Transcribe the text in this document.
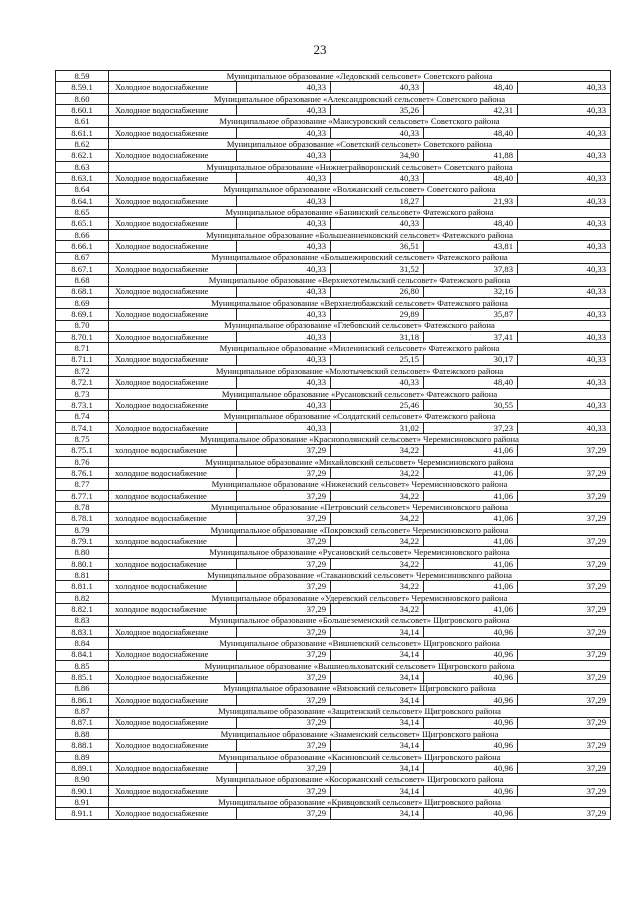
23
8.59	Муниципальное образование «Ледовский сельсовет» Советского района				
8.59.1	Холодное водоснабжение	40,33	40,33	48,40	40,33
8.60	Муниципальное образование «Александровский сельсовет» Советского района				
8.60.1	Холодное водоснабжение	40,33	35,26	42,31	40,33
8.61	Муниципальное образование «Мансуровский сельсовет» Советского района				
8.61.1	Холодное водоснабжение	40,33	40,33	48,40	40,33
8.62	Муниципальное образование «Советский сельсовет» Советского района				
8.62.1	Холодное водоснабжение	40,33	34,90	41,88	40,33
8.63	Муниципальное образование «Нижнеграйворонский сельсовет» Советского района				
8.63.1	Холодное водоснабжение	40,33	40,33	48,40	40,33
8.64	Муниципальное образование «Волжанский сельсовет» Советского района				
8.64.1	Холодное водоснабжение	40,33	18,27	21,93	40,33
8.65	Муниципальное образование «Банинский сельсовет» Фатежского района				
8.65.1	Холодное водоснабжение	40,33	40,33	48,40	40,33
8.66	Муниципальное образование «Большеанненковский сельсовет» Фатежского района				
8.66.1	Холодное водоснабжение	40,33	36,51	43,81	40,33
8.67	Муниципальное образование «Большежировский сельсовет» Фатежского района				
8.67.1	Холодное водоснабжение	40,33	31,52	37,83	40,33
8.68	Муниципальное образование «Верхнехотемльский сельсовет» Фатежского района				
8.68.1	Холодное водоснабжение	40,33	26,80	32,16	40,33
8.69	Муниципальное образование «Верхнелюбажский сельсовет» Фатежского района				
8.69.1	Холодное водоснабжение	40,33	29,89	35,87	40,33
8.70	Муниципальное образование «Глебовский сельсовет» Фатежского района				
8.70.1	Холодное водоснабжение	40,33	31,18	37,41	40,33
8.71	Муниципальное образование «Миленинский сельсовет» Фатежского района				
8.71.1	Холодное водоснабжение	40,33	25,15	30,17	40,33
8.72	Муниципальное образование «Молотычевский сельсовет» Фатежского района				
8.72.1	Холодное водоснабжение	40,33	40,33	48,40	40,33
8.73	Муниципальное образование «Русановский сельсовет» Фатежского района				
8.73.1	Холодное водоснабжение	40,33	25,46	30,55	40,33
8.74	Муниципальное образование «Солдатский сельсовет» Фатежского района				
8.74.1	Холодное водоснабжение	40,33	31,02	37,23	40,33
8.75	Муниципальное образование «Краснополянский сельсовет» Черемисиновского района				
8.75.1	холодное водоснабжение	37,29	34,22	41,06	37,29
8.76	Муниципальное образование «Михайловский сельсовет» Черемисиновского района				
8.76.1	холодное водоснабжение	37,29	34,22	41,06	37,29
8.77	Муниципальное образование «Ниженский сельсовет» Черемисиновского района				
8.77.1	холодное водоснабжение	37,29	34,22	41,06	37,29
8.78	Муниципальное образование «Петровский сельсовет» Черемисиновского района				
8.78.1	холодное водоснабжение	37,29	34,22	41,06	37,29
8.79	Муниципальное образование «Покровский сельсовет» Черемисиновского района				
8.79.1	холодное водоснабжение	37,29	34,22	41,06	37,29
8.80	Муниципальное образование «Русановский сельсовет» Черемисиновского района				
8.80.1	холодное водоснабжение	37,29	34,22	41,06	37,29
8.81	Муниципальное образование «Стакановский сельсовет» Черемисиновского района				
8.81.1	холодное водоснабжение	37,29	34,22	41,06	37,29
8.82	Муниципальное образование «Удеревский сельсовет» Черемисиновского района				
8.82.1	холодное водоснабжение	37,29	34,22	41,06	37,29
8.83	Муниципальное образование «Большеземенский сельсовет» Щигровского района				
8.83.1	Холодное водоснабжение	37,29	34,14	40,96	37,29
8.84	Муниципальное образование «Вишневский сельсовет» Щигровского района				
8.84.1	Холодное водоснабжение	37,29	34,14	40,96	37,29
8.85	Муниципальное образование «Вышнеольховатский сельсовет» Щигровского района				
8.85.1	Холодное водоснабжение	37,29	34,14	40,96	37,29
8.86	Муниципальное образование «Вязовский сельсовет» Щигровского района				
8.86.1	Холодное водоснабжение	37,29	34,14	40,96	37,29
8.87	Муниципальное образование «Защитенский сельсовет» Щигровского района				
8.87.1	Холодное водоснабжение	37,29	34,14	40,96	37,29
8.88	Муниципальное образование «Знаменский сельсовет» Щигровского района				
8.88.1	Холодное водоснабжение	37,29	34,14	40,96	37,29
8.89	Муниципальное образование «Касиновский сельсовет» Щигровского района				
8.89.1	Холодное водоснабжение	37,29	34,14	40,96	37,29
8.90	Муниципальное образование «Косоржанский сельсовет» Щигровского района				
8.90.1	Холодное водоснабжение	37,29	34,14	40,96	37,29
8.91	Муниципальное образование «Кривцовский сельсовет» Щигровского района				
8.91.1	Холодное водоснабжение	37,29	34,14	40,96	37,29
